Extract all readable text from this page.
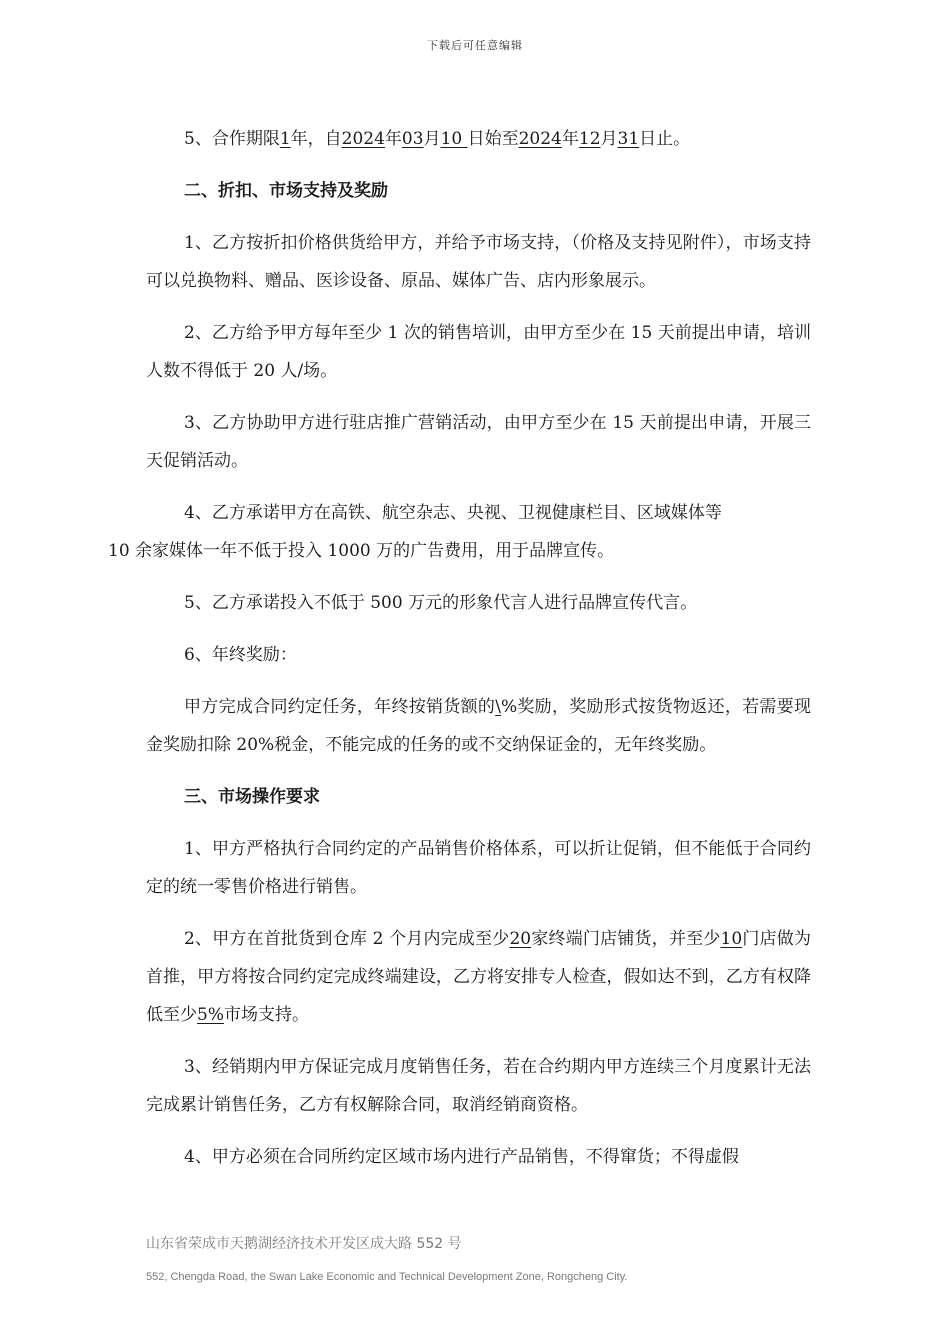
下载后可任意编辑

5、合作期限1年，自2024年03月10 日始至2024年12月31日止。

二、折扣、市场支持及奖励

1、乙方按折扣价格供货给甲方，并给予市场支持，（价格及支持见附件），市场支持可以兑换物料、赠品、医诊设备、原品、媒体广告、店内形象展示。

2、乙方给予甲方每年至少 1 次的销售培训，由甲方至少在 15 天前提出申请，培训人数不得低于 20 人/场。

3、乙方协助甲方进行驻店推广营销活动，由甲方至少在 15 天前提出申请，开展三天促销活动。

4、乙方承诺甲方在高铁、航空杂志、央视、卫视健康栏目、区域媒体等
10 余家媒体一年不低于投入 1000 万的广告费用，用于品牌宣传。

5、乙方承诺投入不低于 500 万元的形象代言人进行品牌宣传代言。

6、年终奖励：

甲方完成合同约定任务，年终按销货额的\%奖励，奖励形式按货物返还，若需要现金奖励扣除 20%税金，不能完成的任务的或不交纳保证金的，无年终奖励。

三、市场操作要求

1、甲方严格执行合同约定的产品销售价格体系，可以折让促销，但不能低于合同约定的统一零售价格进行销售。

2、甲方在首批货到仓库 2 个月内完成至少20家终端门店铺货，并至少10门店做为首推，甲方将按合同约定完成终端建设，乙方将安排专人检查，假如达不到，乙方有权降低至少5%市场支持。

3、经销期内甲方保证完成月度销售任务，若在合约期内甲方连续三个月度累计无法完成累计销售任务，乙方有权解除合同，取消经销商资格。

4、甲方必须在合同所约定区域市场内进行产品销售，不得窜货；不得虚假

山东省荣成市天鹅湖经济技术开发区成大路 552 号
552, Chengda Road, the Swan Lake Economic and Technical Development Zone, Rongcheng City.
